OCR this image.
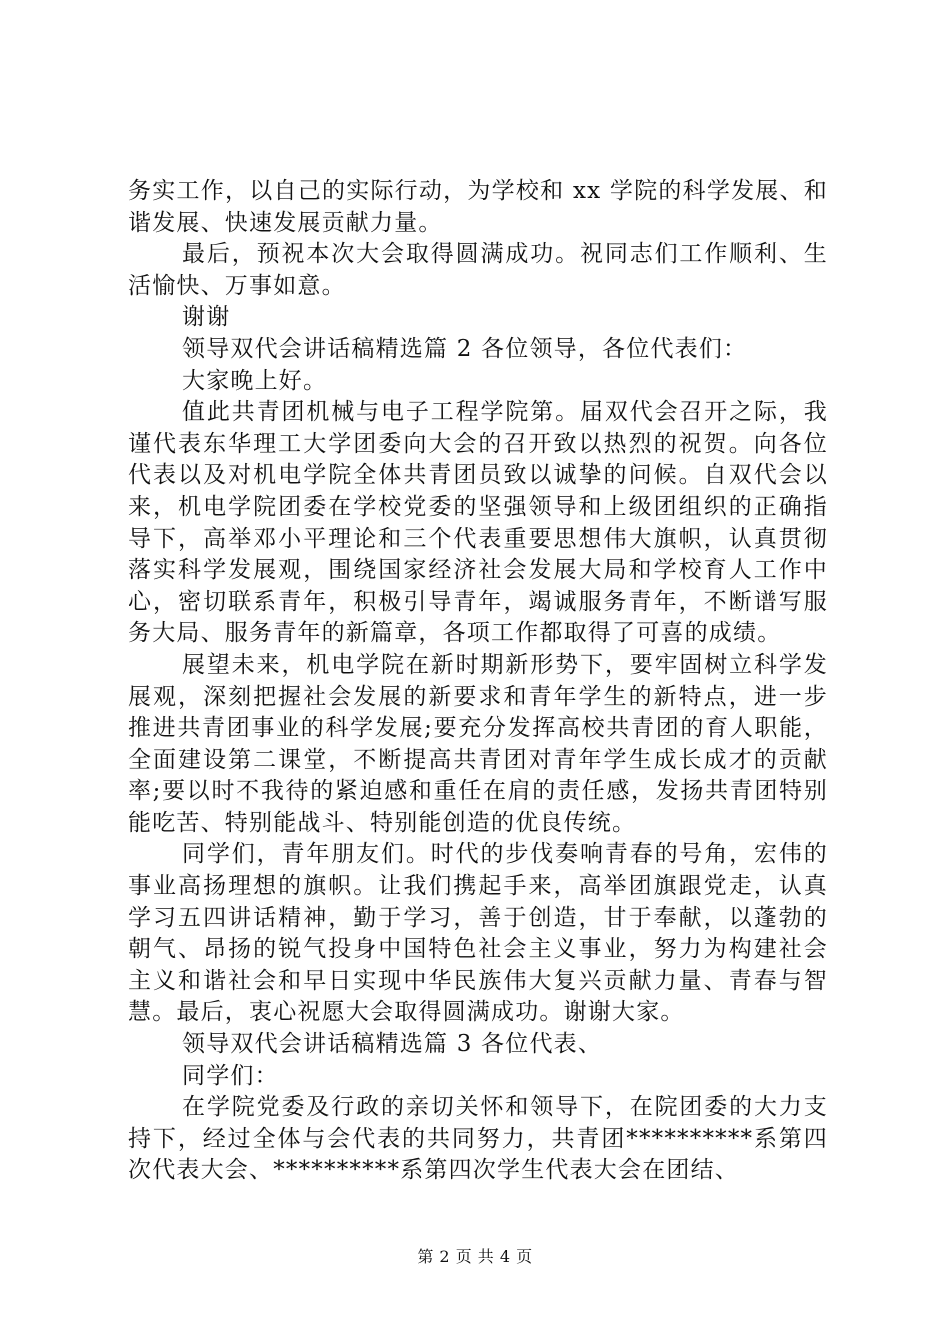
务实工作，以自己的实际行动，为学校和 xx 学院的科学发展、和谐发展、快速发展贡献力量。

最后，预祝本次大会取得圆满成功。祝同志们工作顺利、生活愉快、万事如意。

谢谢

领导双代会讲话稿精选篇 2 各位领导，各位代表们：

大家晚上好。

值此共青团机械与电子工程学院第。届双代会召开之际，我谨代表东华理工大学团委向大会的召开致以热烈的祝贺。向各位代表以及对机电学院全体共青团员致以诚挚的问候。自双代会以来，机电学院团委在学校党委的坚强领导和上级团组织的正确指导下，高举邓小平理论和三个代表重要思想伟大旗帜，认真贯彻落实科学发展观，围绕国家经济社会发展大局和学校育人工作中心，密切联系青年，积极引导青年，竭诚服务青年，不断谱写服务大局、服务青年的新篇章，各项工作都取得了可喜的成绩。

展望未来，机电学院在新时期新形势下，要牢固树立科学发展观，深刻把握社会发展的新要求和青年学生的新特点，进一步推进共青团事业的科学发展;要充分发挥高校共青团的育人职能，全面建设第二课堂，不断提高共青团对青年学生成长成才的贡献率;要以时不我待的紧迫感和重任在肩的责任感，发扬共青团特别能吃苦、特别能战斗、特别能创造的优良传统。

同学们，青年朋友们。时代的步伐奏响青春的号角，宏伟的事业高扬理想的旗帜。让我们携起手来，高举团旗跟党走，认真学习五四讲话精神，勤于学习，善于创造，甘于奉献，以蓬勃的朝气、昂扬的锐气投身中国特色社会主义事业，努力为构建社会主义和谐社会和早日实现中华民族伟大复兴贡献力量、青春与智慧。最后，衷心祝愿大会取得圆满成功。谢谢大家。

领导双代会讲话稿精选篇 3 各位代表、

同学们：

在学院党委及行政的亲切关怀和领导下，在院团委的大力支持下，经过全体与会代表的共同努力，共青团**********系第四次代表大会、**********系第四次学生代表大会在团结、

第 2 页 共 4 页
